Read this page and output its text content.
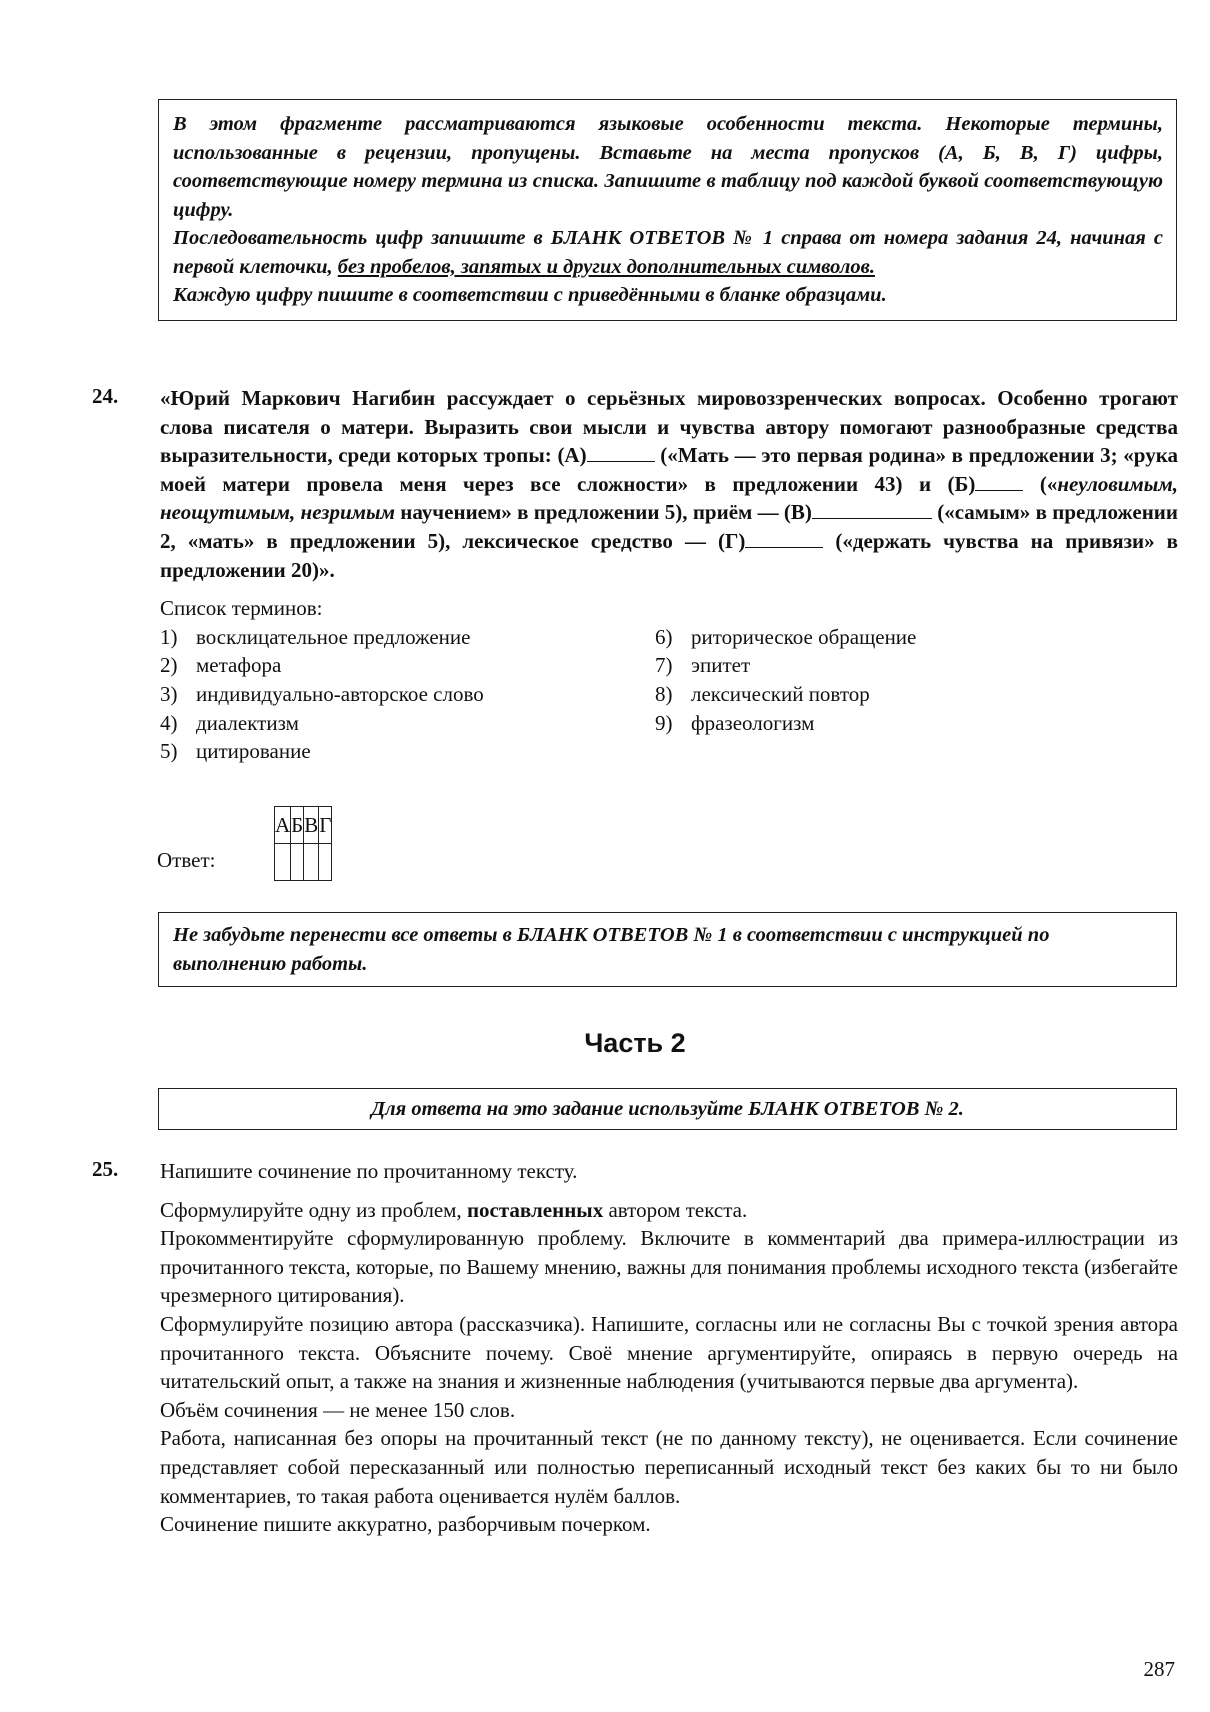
В этом фрагменте рассматриваются языковые особенности текста. Некоторые термины, использованные в рецензии, пропущены. Вставьте на места пропусков (А, Б, В, Г) цифры, соответствующие номеру термина из списка. Запишите в таблицу под каждой буквой соответствующую цифру.

Последовательность цифр запишите в БЛАНК ОТВЕТОВ № 1 справа от номера задания 24, начиная с первой клеточки, без пробелов, запятых и других дополнительных символов.

Каждую цифру пишите в соответствии с приведёнными в бланке образцами.

24. «Юрий Маркович Нагибин рассуждает о серьёзных мировоззренческих вопросах. Особенно трогают слова писателя о матери. Выразить свои мысли и чувства автору помогают разнообразные средства выразительности, среди которых тропы: (А)	(«Мать — это первая родина» в предложении 3; «рука моей матери провела меня через все сложности» в предложении 43) и (Б) («неуловимым, неощутимым, незримым научением» в предложении 5), приём — (В)	(«самым» в предложении 2, «мать» в предложении 5), лексическое средство — (Г)	(«держать чувства на привязи» в предложении 20)».

Список терминов:
1) восклицательное предложение
2) метафора
3) индивидуально-авторское слово
4) диалектизм
5) цитирование
6) риторическое обращение
7) эпитет
8) лексический повтор
9) фразеологизм
Ответ:
А	Б	В	Г

Не забудьте перенести все ответы в БЛАНК ОТВЕТОВ № 1 в соответствии с инструкцией по выполнению работы.
Часть 2
Для ответа на это задание используйте БЛАНК ОТВЕТОВ № 2.
25. Напишите сочинение по прочитанному тексту.

Сформулируйте одну из проблем, поставленных автором текста.

Прокомментируйте сформулированную проблему. Включите в комментарий два примера-иллюстрации из прочитанного текста, которые, по Вашему мнению, важны для понимания проблемы исходного текста (избегайте чрезмерного цитирования).

Сформулируйте позицию автора (рассказчика). Напишите, согласны или не согласны Вы с точкой зрения автора прочитанного текста. Объясните почему. Своё мнение аргументируйте, опираясь в первую очередь на читательский опыт, а также на знания и жизненные наблюдения (учитываются первые два аргумента).

Объём сочинения — не менее 150 слов.

Работа, написанная без опоры на прочитанный текст (не по данному тексту), не оценивается. Если сочинение представляет собой пересказанный или полностью переписанный исходный текст без каких бы то ни было комментариев, то такая работа оценивается нулём баллов.

Сочинение пишите аккуратно, разборчивым почерком.

287
